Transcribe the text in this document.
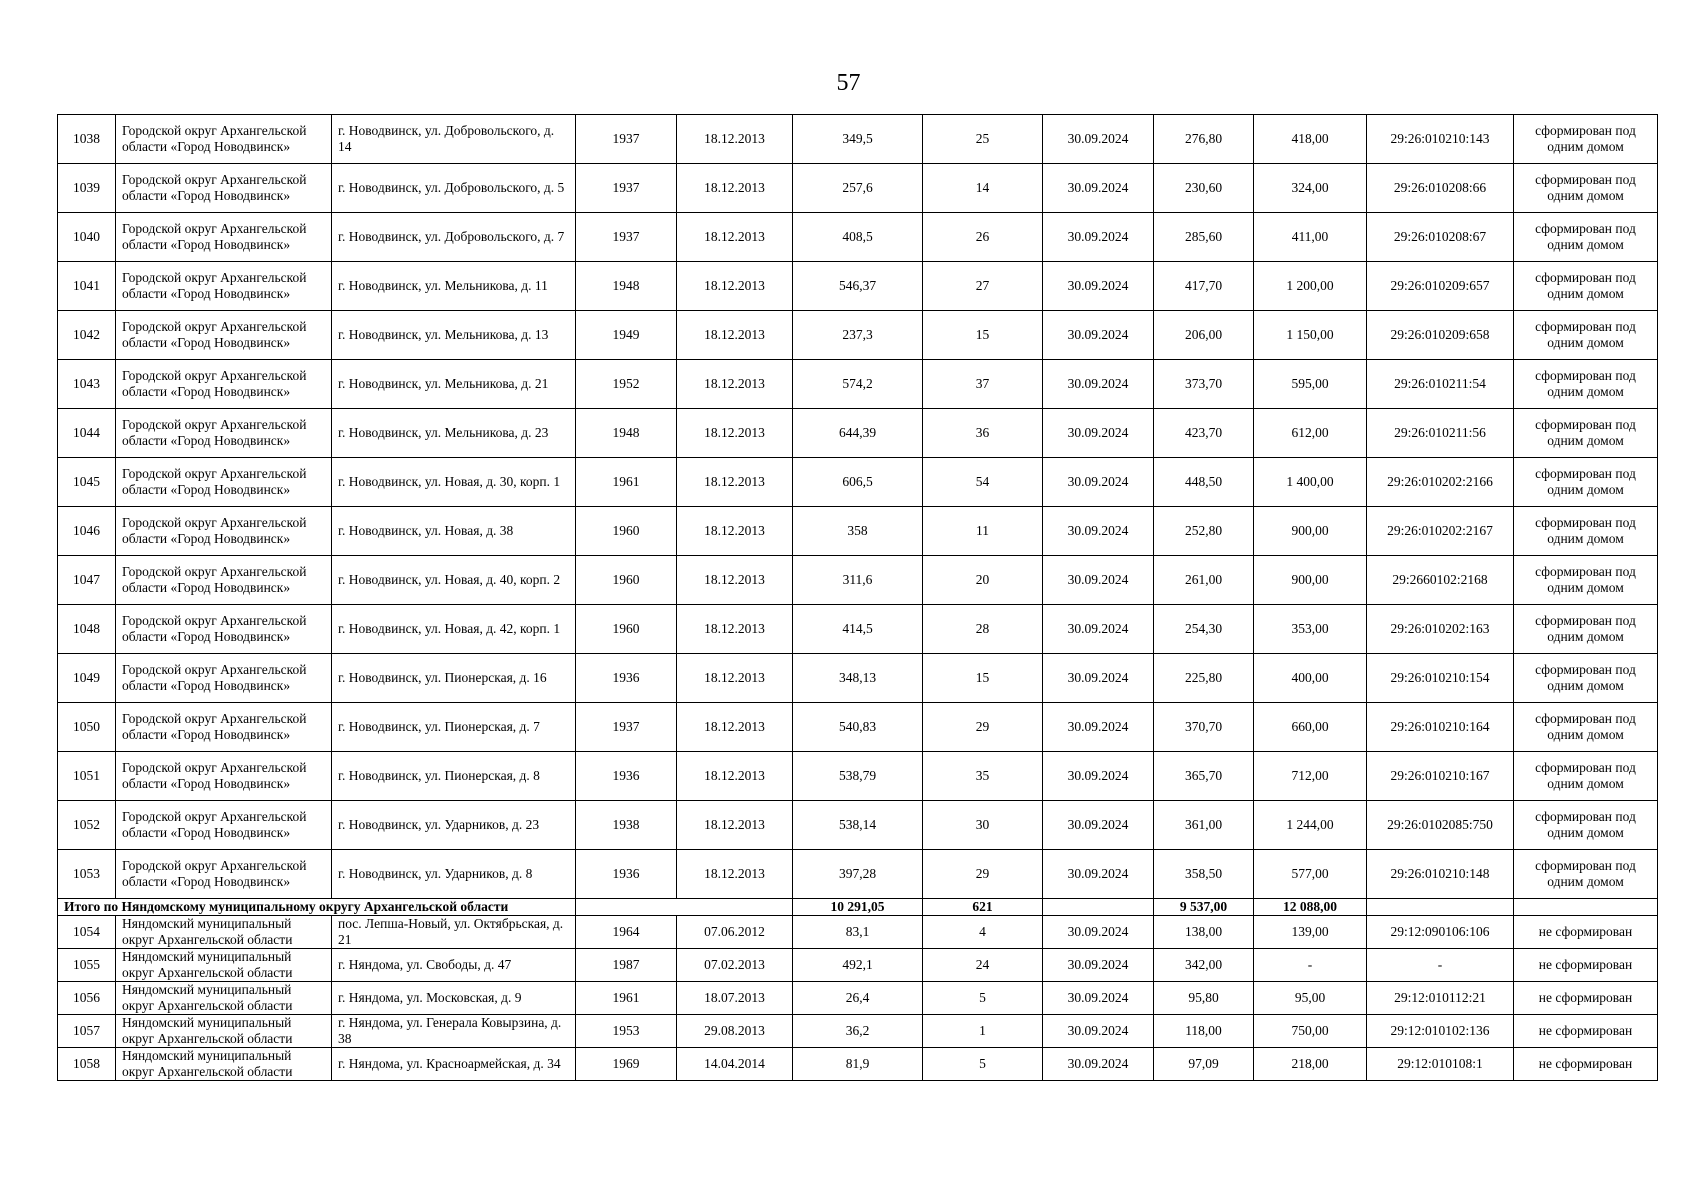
57
1038	Городской округ Архангельской области «Город Новодвинск»	г. Новодвинск, ул. Добровольского, д. 14	1937	18.12.2013	349,5	25	30.09.2024	276,80	418,00	29:26:010210:143	сформирован под одним домом
1039	Городской округ Архангельской области «Город Новодвинск»	г. Новодвинск, ул. Добровольского, д. 5	1937	18.12.2013	257,6	14	30.09.2024	230,60	324,00	29:26:010208:66	сформирован под одним домом
1040	Городской округ Архангельской области «Город Новодвинск»	г. Новодвинск, ул. Добровольского, д. 7	1937	18.12.2013	408,5	26	30.09.2024	285,60	411,00	29:26:010208:67	сформирован под одним домом
1041	Городской округ Архангельской области «Город Новодвинск»	г. Новодвинск, ул. Мельникова, д. 11	1948	18.12.2013	546,37	27	30.09.2024	417,70	1 200,00	29:26:010209:657	сформирован под одним домом
1042	Городской округ Архангельской области «Город Новодвинск»	г. Новодвинск, ул. Мельникова, д. 13	1949	18.12.2013	237,3	15	30.09.2024	206,00	1 150,00	29:26:010209:658	сформирован под одним домом
1043	Городской округ Архангельской области «Город Новодвинск»	г. Новодвинск, ул. Мельникова, д. 21	1952	18.12.2013	574,2	37	30.09.2024	373,70	595,00	29:26:010211:54	сформирован под одним домом
1044	Городской округ Архангельской области «Город Новодвинск»	г. Новодвинск, ул. Мельникова, д. 23	1948	18.12.2013	644,39	36	30.09.2024	423,70	612,00	29:26:010211:56	сформирован под одним домом
1045	Городской округ Архангельской области «Город Новодвинск»	г. Новодвинск, ул. Новая, д. 30, корп. 1	1961	18.12.2013	606,5	54	30.09.2024	448,50	1 400,00	29:26:010202:2166	сформирован под одним домом
1046	Городской округ Архангельской области «Город Новодвинск»	г. Новодвинск, ул. Новая, д. 38	1960	18.12.2013	358	11	30.09.2024	252,80	900,00	29:26:010202:2167	сформирован под одним домом
1047	Городской округ Архангельской области «Город Новодвинск»	г. Новодвинск, ул. Новая, д. 40, корп. 2	1960	18.12.2013	311,6	20	30.09.2024	261,00	900,00	29:2660102:2168	сформирован под одним домом
1048	Городской округ Архангельской области «Город Новодвинск»	г. Новодвинск, ул. Новая, д. 42, корп. 1	1960	18.12.2013	414,5	28	30.09.2024	254,30	353,00	29:26:010202:163	сформирован под одним домом
1049	Городской округ Архангельской области «Город Новодвинск»	г. Новодвинск, ул. Пионерская, д. 16	1936	18.12.2013	348,13	15	30.09.2024	225,80	400,00	29:26:010210:154	сформирован под одним домом
1050	Городской округ Архангельской области «Город Новодвинск»	г. Новодвинск, ул. Пионерская, д. 7	1937	18.12.2013	540,83	29	30.09.2024	370,70	660,00	29:26:010210:164	сформирован под одним домом
1051	Городской округ Архангельской области «Город Новодвинск»	г. Новодвинск, ул. Пионерская, д. 8	1936	18.12.2013	538,79	35	30.09.2024	365,70	712,00	29:26:010210:167	сформирован под одним домом
1052	Городской округ Архангельской области «Город Новодвинск»	г. Новодвинск, ул. Ударников, д. 23	1938	18.12.2013	538,14	30	30.09.2024	361,00	1 244,00	29:26:0102085:750	сформирован под одним домом
1053	Городской округ Архангельской области «Город Новодвинск»	г. Новодвинск, ул. Ударников, д. 8	1936	18.12.2013	397,28	29	30.09.2024	358,50	577,00	29:26:010210:148	сформирован под одним домом
Итого по Няндомскому муниципальному округу Архангельской области					10 291,05	621		9 537,00	12 088,00		
1054	Няндомский муниципальный округ Архангельской области	пос. Лепша-Новый, ул. Октябрьская, д. 21	1964	07.06.2012	83,1	4	30.09.2024	138,00	139,00	29:12:090106:106	не сформирован
1055	Няндомский муниципальный округ Архангельской области	г. Няндома, ул. Свободы, д. 47	1987	07.02.2013	492,1	24	30.09.2024	342,00	-	-	не сформирован
1056	Няндомский муниципальный округ Архангельской области	г. Няндома, ул. Московская, д. 9	1961	18.07.2013	26,4	5	30.09.2024	95,80	95,00	29:12:010112:21	не сформирован
1057	Няндомский муниципальный округ Архангельской области	г. Няндома, ул. Генерала Ковырзина, д. 38	1953	29.08.2013	36,2	1	30.09.2024	118,00	750,00	29:12:010102:136	не сформирован
1058	Няндомский муниципальный округ Архангельской области	г. Няндома, ул. Красноармейская, д. 34	1969	14.04.2014	81,9	5	30.09.2024	97,09	218,00	29:12:010108:1	не сформирован
